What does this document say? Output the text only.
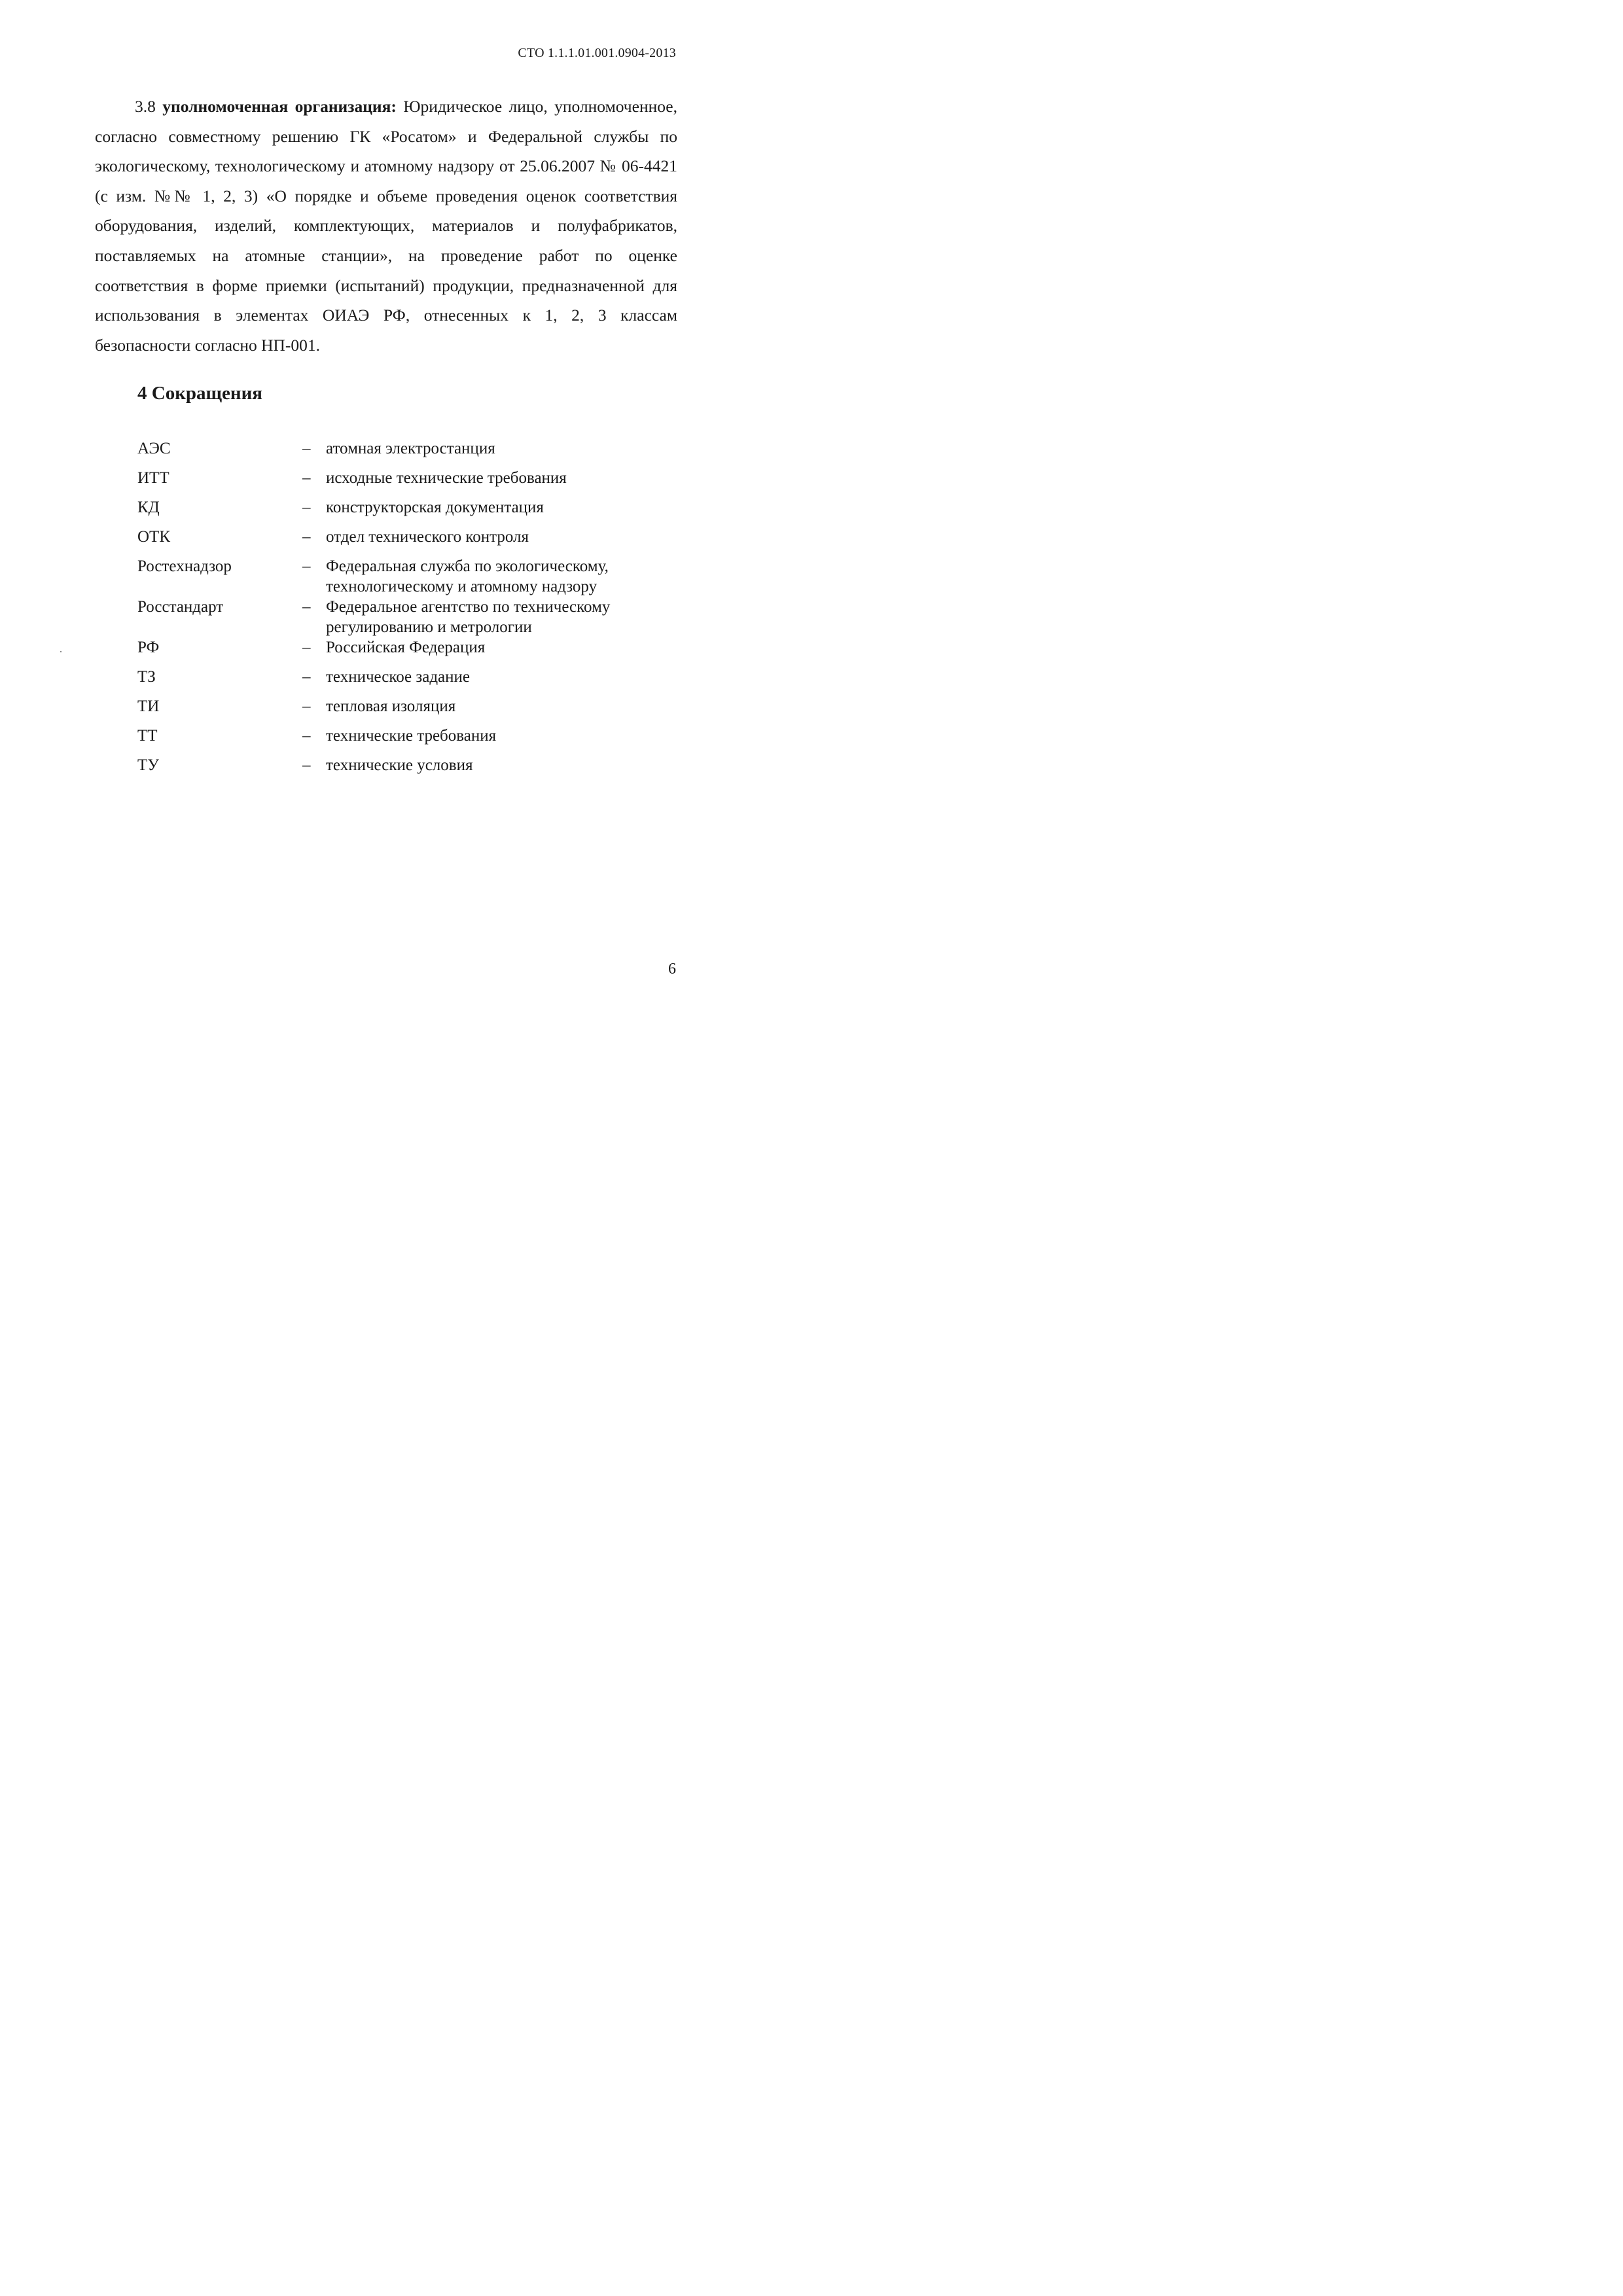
СТО 1.1.1.01.001.0904-2013

3.8 уполномоченная организация: Юридическое лицо, уполномоченное, согласно совместному решению ГК «Росатом» и Федеральной службы по экологическому, технологическому и атомному надзору от 25.06.2007 № 06-4421 (с изм. №№ 1, 2, 3) «О порядке и объеме проведения оценок соответствия оборудования, изделий, комплектующих, материалов и полуфабрикатов, поставляемых на атомные станции», на проведение работ по оценке соответствия в форме приемки (испытаний) продукции, предназначенной для использования в элементах ОИАЭ РФ, отнесенных к 1, 2, 3 классам безопасности согласно НП-001.

4 Сокращения
АЭС	–	атомная электростанция
ИТТ	–	исходные технические требования
КД	–	конструкторская документация
ОТК	–	отдел технического контроля
Ростехнадзор	–	Федеральная служба по экологическому, технологическому и атомному надзору
Росстандарт	–	Федеральное агентство по техническому регулированию и метрологии
РФ	–	Российская Федерация
ТЗ	–	техническое задание
ТИ	–	тепловая изоляция
ТТ	–	технические требования
ТУ	–	технические условия
6
